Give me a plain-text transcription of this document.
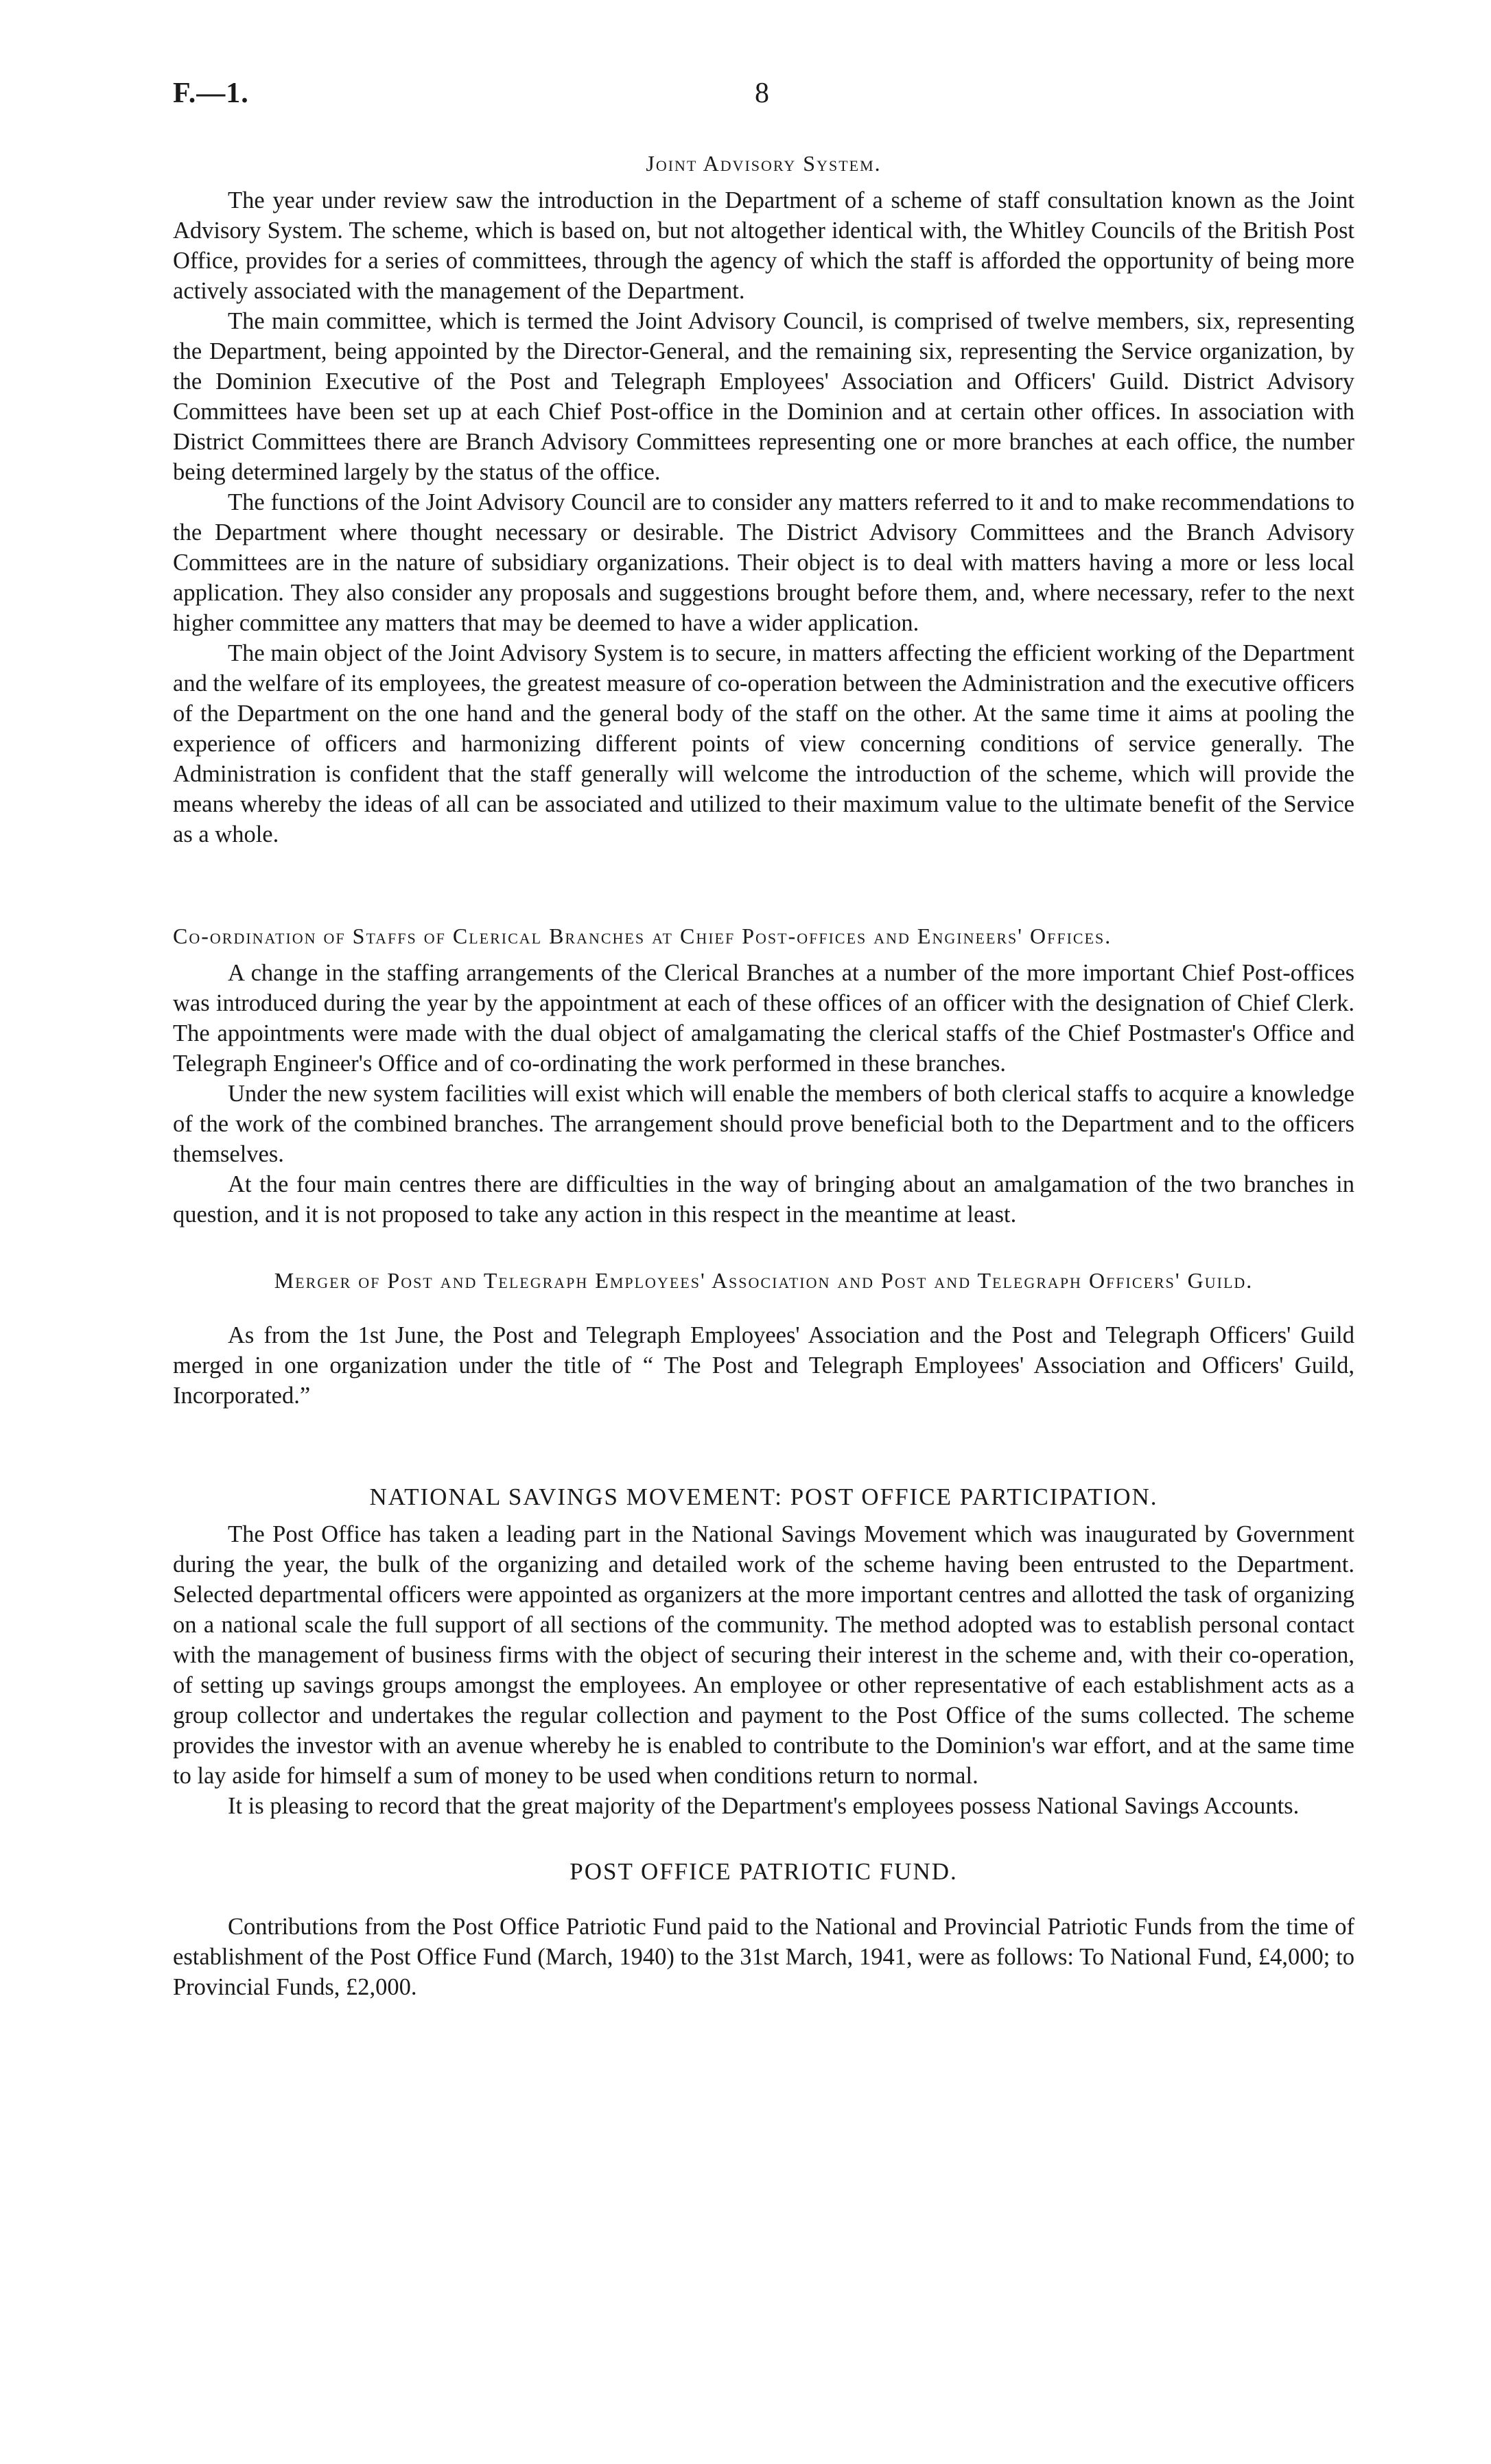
F.—1.	8
Joint Advisory System.

The year under review saw the introduction in the Department of a scheme of staff consultation known as the Joint Advisory System. The scheme, which is based on, but not altogether identical with, the Whitley Councils of the British Post Office, provides for a series of committees, through the agency of which the staff is afforded the opportunity of being more actively associated with the management of the Department.

The main committee, which is termed the Joint Advisory Council, is comprised of twelve members, six, representing the Department, being appointed by the Director-General, and the remaining six, representing the Service organization, by the Dominion Executive of the Post and Telegraph Employees' Association and Officers' Guild. District Advisory Committees have been set up at each Chief Post-office in the Dominion and at certain other offices. In association with District Committees there are Branch Advisory Committees representing one or more branches at each office, the number being determined largely by the status of the office.

The functions of the Joint Advisory Council are to consider any matters referred to it and to make recommendations to the Department where thought necessary or desirable. The District Advisory Committees and the Branch Advisory Committees are in the nature of subsidiary organizations. Their object is to deal with matters having a more or less local application. They also consider any proposals and suggestions brought before them, and, where necessary, refer to the next higher committee any matters that may be deemed to have a wider application.

The main object of the Joint Advisory System is to secure, in matters affecting the efficient working of the Department and the welfare of its employees, the greatest measure of co-operation between the Administration and the executive officers of the Department on the one hand and the general body of the staff on the other. At the same time it aims at pooling the experience of officers and harmonizing different points of view concerning conditions of service generally. The Administration is confident that the staff generally will welcome the introduction of the scheme, which will provide the means whereby the ideas of all can be associated and utilized to their maximum value to the ultimate benefit of the Service as a whole.

Co-ordination of Staffs of Clerical Branches at Chief Post-offices and Engineers' Offices.

A change in the staffing arrangements of the Clerical Branches at a number of the more important Chief Post-offices was introduced during the year by the appointment at each of these offices of an officer with the designation of Chief Clerk. The appointments were made with the dual object of amalgamating the clerical staffs of the Chief Postmaster's Office and Telegraph Engineer's Office and of co-ordinating the work performed in these branches.

Under the new system facilities will exist which will enable the members of both clerical staffs to acquire a knowledge of the work of the combined branches. The arrangement should prove beneficial both to the Department and to the officers themselves.

At the four main centres there are difficulties in the way of bringing about an amalgamation of the two branches in question, and it is not proposed to take any action in this respect in the meantime at least.

Merger of Post and Telegraph Employees' Association and Post and Telegraph Officers' Guild.

As from the 1st June, the Post and Telegraph Employees' Association and the Post and Telegraph Officers' Guild merged in one organization under the title of “ The Post and Telegraph Employees' Association and Officers' Guild, Incorporated.”

NATIONAL SAVINGS MOVEMENT: POST OFFICE PARTICIPATION.

The Post Office has taken a leading part in the National Savings Movement which was inaugurated by Government during the year, the bulk of the organizing and detailed work of the scheme having been entrusted to the Department. Selected departmental officers were appointed as organizers at the more important centres and allotted the task of organizing on a national scale the full support of all sections of the community. The method adopted was to establish personal contact with the management of business firms with the object of securing their interest in the scheme and, with their co-operation, of setting up savings groups amongst the employees. An employee or other representative of each establishment acts as a group collector and undertakes the regular collection and payment to the Post Office of the sums collected. The scheme provides the investor with an avenue whereby he is enabled to contribute to the Dominion's war effort, and at the same time to lay aside for himself a sum of money to be used when conditions return to normal.

It is pleasing to record that the great majority of the Department's employees possess National Savings Accounts.

POST OFFICE PATRIOTIC FUND.

Contributions from the Post Office Patriotic Fund paid to the National and Provincial Patriotic Funds from the time of establishment of the Post Office Fund (March, 1940) to the 31st March, 1941, were as follows: To National Fund, £4,000; to Provincial Funds, £2,000.
